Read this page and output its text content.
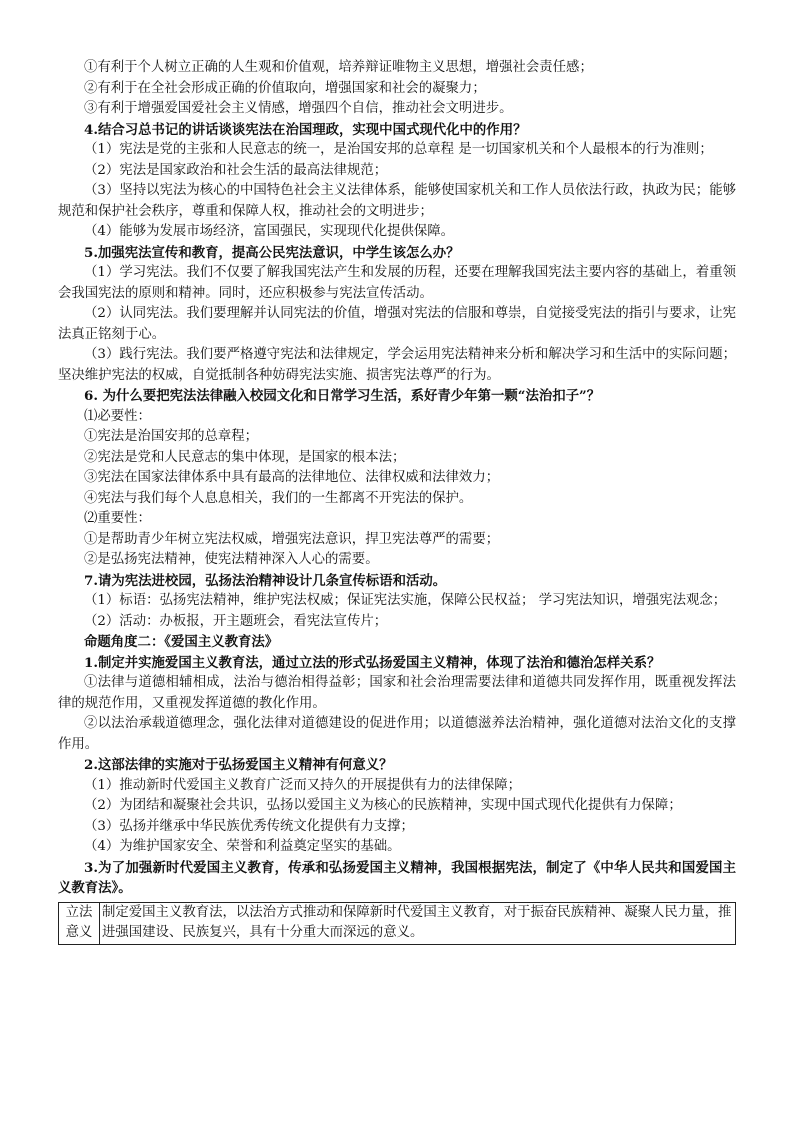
①有利于个人树立正确的人生观和价值观，培养辩证唯物主义思想，增强社会责任感；

②有利于在全社会形成正确的价值取向，增强国家和社会的凝聚力；

③有利于增强爱国爱社会主义情感，增强四个自信，推动社会文明进步。

4.结合习总书记的讲话谈谈宪法在治国理政，实现中国式现代化中的作用？

（1）宪法是党的主张和人民意志的统一，是治国安邦的总章程 是一切国家机关和个人最根本的行为准则；

（2）宪法是国家政治和社会生活的最高法律规范；

（3）坚持以宪法为核心的中国特色社会主义法律体系，能够使国家机关和工作人员依法行政，执政为民；能够规范和保护社会秩序，尊重和保障人权，推动社会的文明进步；

（4）能够为发展市场经济，富国强民，实现现代化提供保障。

5.加强宪法宣传和教育，提高公民宪法意识，中学生该怎么办？

（1）学习宪法。我们不仅要了解我国宪法产生和发展的历程，还要在理解我国宪法主要内容的基础上，着重领会我国宪法的原则和精神。同时，还应积极参与宪法宣传活动。

（2）认同宪法。我们要理解并认同宪法的价值，增强对宪法的信服和尊崇，自觉接受宪法的指引与要求，让宪法真正铭刻于心。

（3）践行宪法。我们要严格遵守宪法和法律规定，学会运用宪法精神来分析和解决学习和生活中的实际问题；坚决维护宪法的权威，自觉抵制各种妨碍宪法实施、损害宪法尊严的行为。

6. 为什么要把宪法法律融入校园文化和日常学习生活，系好青少年第一颗“法治扣子”？

⑴必要性：

①宪法是治国安邦的总章程；

②宪法是党和人民意志的集中体现，是国家的根本法；

③宪法在国家法律体系中具有最高的法律地位、法律权威和法律效力；

④宪法与我们每个人息息相关，我们的一生都离不开宪法的保护。

⑵重要性：

①是帮助青少年树立宪法权威，增强宪法意识，捍卫宪法尊严的需要；

②是弘扬宪法精神，使宪法精神深入人心的需要。

7.请为宪法进校园，弘扬法治精神设计几条宣传标语和活动。

（1）标语：弘扬宪法精神，维护宪法权威；保证宪法实施，保障公民权益； 学习宪法知识，增强宪法观念；

（2）活动：办板报，开主题班会，看宪法宣传片；

命题角度二：《爱国主义教育法》

1.制定并实施爱国主义教育法，通过立法的形式弘扬爱国主义精神，体现了法治和德治怎样关系？

①法律与道德相辅相成，法治与德治相得益彰；国家和社会治理需要法律和道德共同发挥作用，既重视发挥法律的规范作用，又重视发挥道德的教化作用。

②以法治承载道德理念，强化法律对道德建设的促进作用；以道德滋养法治精神，强化道德对法治文化的支撑作用。

2.这部法律的实施对于弘扬爱国主义精神有何意义？

（1）推动新时代爱国主义教育广泛而又持久的开展提供有力的法律保障；

（2）为团结和凝聚社会共识，弘扬以爱国主义为核心的民族精神，实现中国式现代化提供有力保障；

（3）弘扬并继承中华民族优秀传统文化提供有力支撑；

（4）为维护国家安全、荣誉和利益奠定坚实的基础。

3.为了加强新时代爱国主义教育，传承和弘扬爱国主义精神，我国根据宪法，制定了《中华人民共和国爱国主义教育法》。

立法意义	制定爱国主义教育法，以法治方式推动和保障新时代爱国主义教育，对于振奋民族精神、凝聚人民力量，推进强国建设、民族复兴，具有十分重大而深远的意义。
